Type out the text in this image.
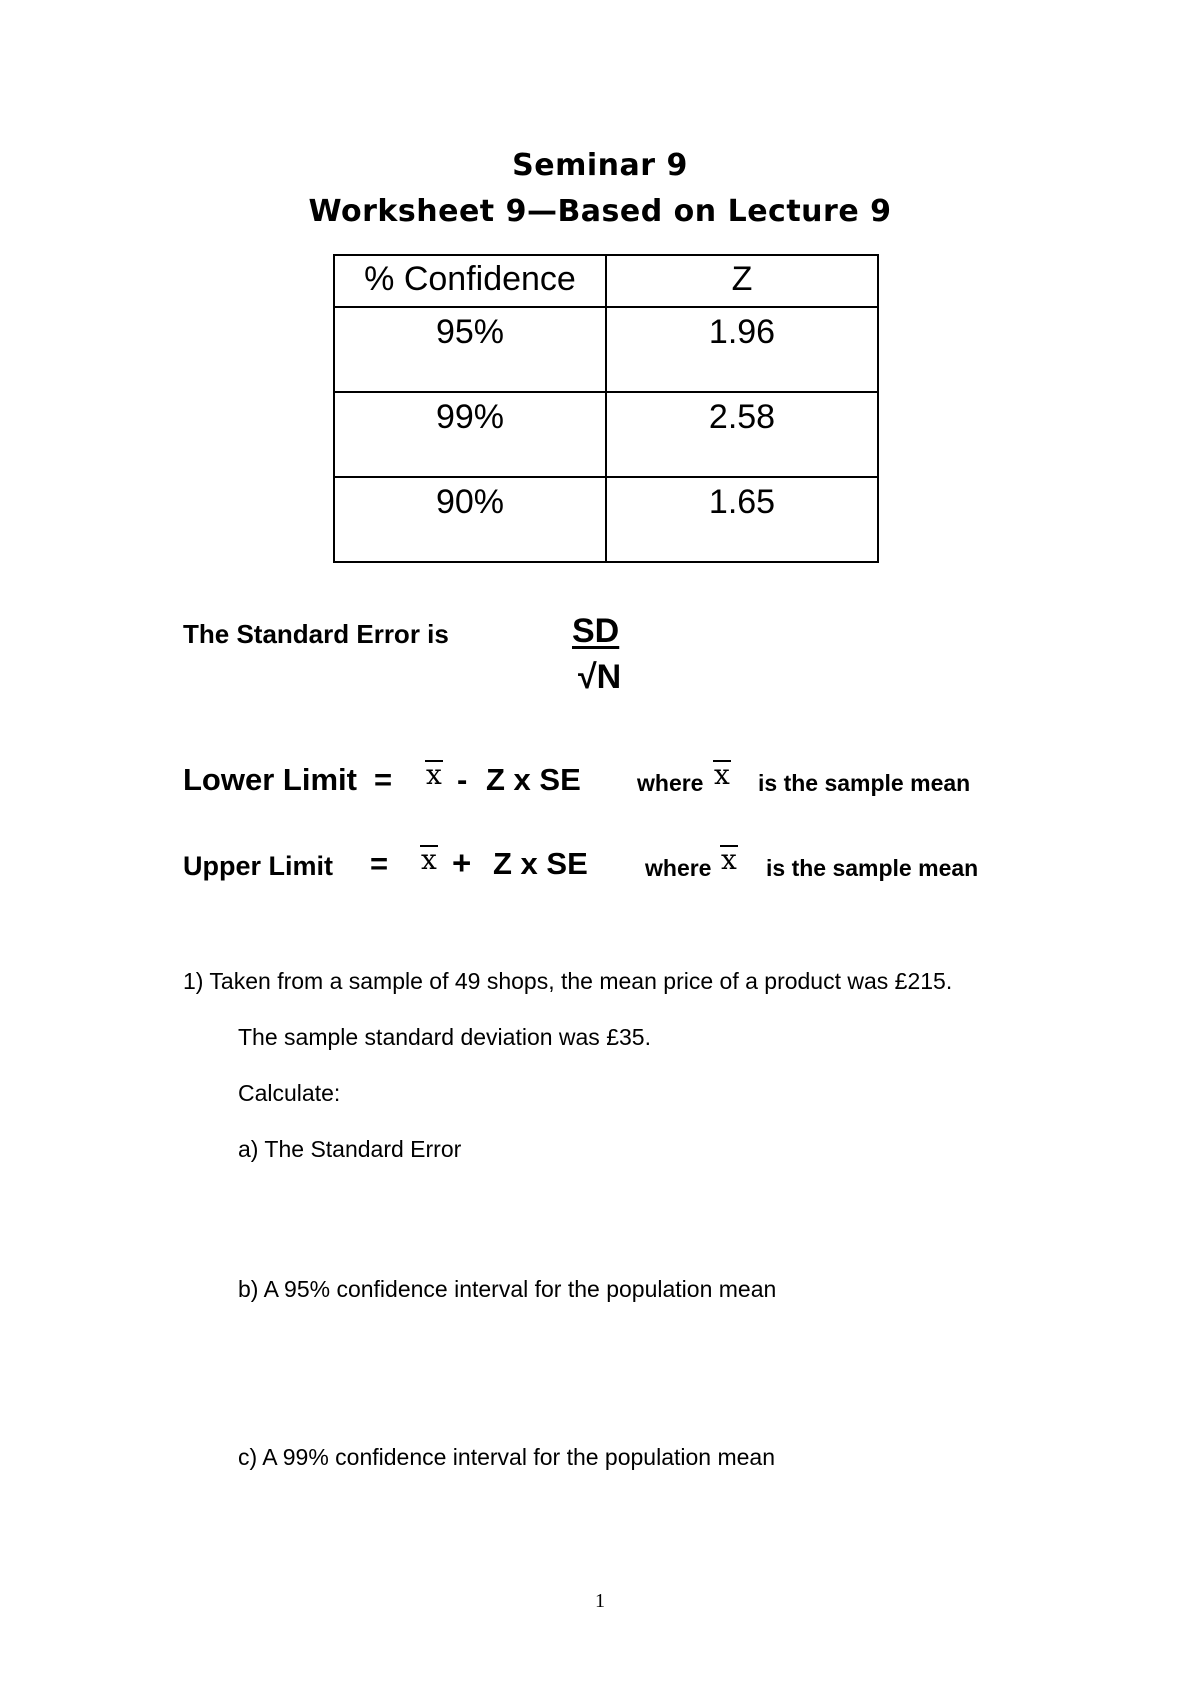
Seminar 9
Worksheet 9—Based on Lecture 9
% Confidence	Z
95%	1.96
99%	2.58
90%	1.65
The Standard Error is	SD
√N
Lower Limit = x - Z x SE where x is the sample mean
Upper Limit = x + Z x SE where x is the sample mean
1) Taken from a sample of 49 shops, the mean price of a product was £215.
The sample standard deviation was £35.
Calculate:
a) The Standard Error
b) A 95% confidence interval for the population mean
c) A 99% confidence interval for the population mean
1
